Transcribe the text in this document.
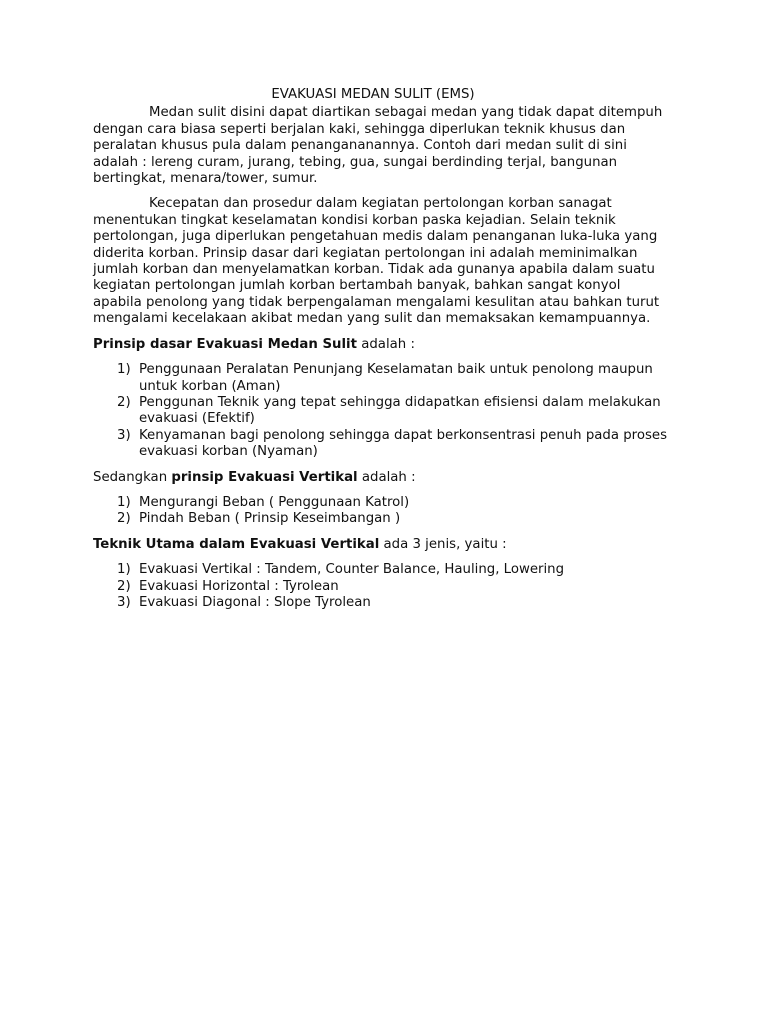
EVAKUASI MEDAN SULIT (EMS)

Medan sulit disini dapat diartikan sebagai medan yang tidak dapat ditempuh dengan cara biasa seperti berjalan kaki, sehingga diperlukan teknik khusus dan peralatan khusus pula dalam penangananannya. Contoh dari medan sulit di sini adalah : lereng curam, jurang, tebing, gua, sungai berdinding terjal, bangunan bertingkat, menara/tower, sumur.

Kecepatan dan prosedur dalam kegiatan pertolongan korban sanagat menentukan tingkat keselamatan kondisi korban paska kejadian. Selain teknik pertolongan, juga diperlukan pengetahuan medis dalam penanganan luka-luka yang diderita korban. Prinsip dasar dari kegiatan pertolongan ini adalah meminimalkan jumlah korban dan menyelamatkan korban. Tidak ada gunanya apabila dalam suatu kegiatan pertolongan jumlah korban bertambah banyak, bahkan sangat konyol apabila penolong yang tidak berpengalaman mengalami kesulitan atau bahkan turut mengalami kecelakaan akibat medan yang sulit dan memaksakan kemampuannya.

Prinsip dasar Evakuasi Medan Sulit adalah :

1) Penggunaan Peralatan Penunjang Keselamatan baik untuk penolong maupun untuk korban (Aman)
2) Penggunan Teknik yang tepat sehingga didapatkan efisiensi dalam melakukan evakuasi (Efektif)
3) Kenyamanan bagi penolong sehingga dapat berkonsentrasi penuh pada proses evakuasi korban (Nyaman)

Sedangkan prinsip Evakuasi Vertikal adalah :

1) Mengurangi Beban ( Penggunaan Katrol)
2) Pindah Beban ( Prinsip Keseimbangan )

Teknik Utama dalam Evakuasi Vertikal ada 3 jenis, yaitu :

1) Evakuasi Vertikal : Tandem, Counter Balance, Hauling, Lowering
2) Evakuasi Horizontal : Tyrolean
3) Evakuasi Diagonal : Slope Tyrolean
